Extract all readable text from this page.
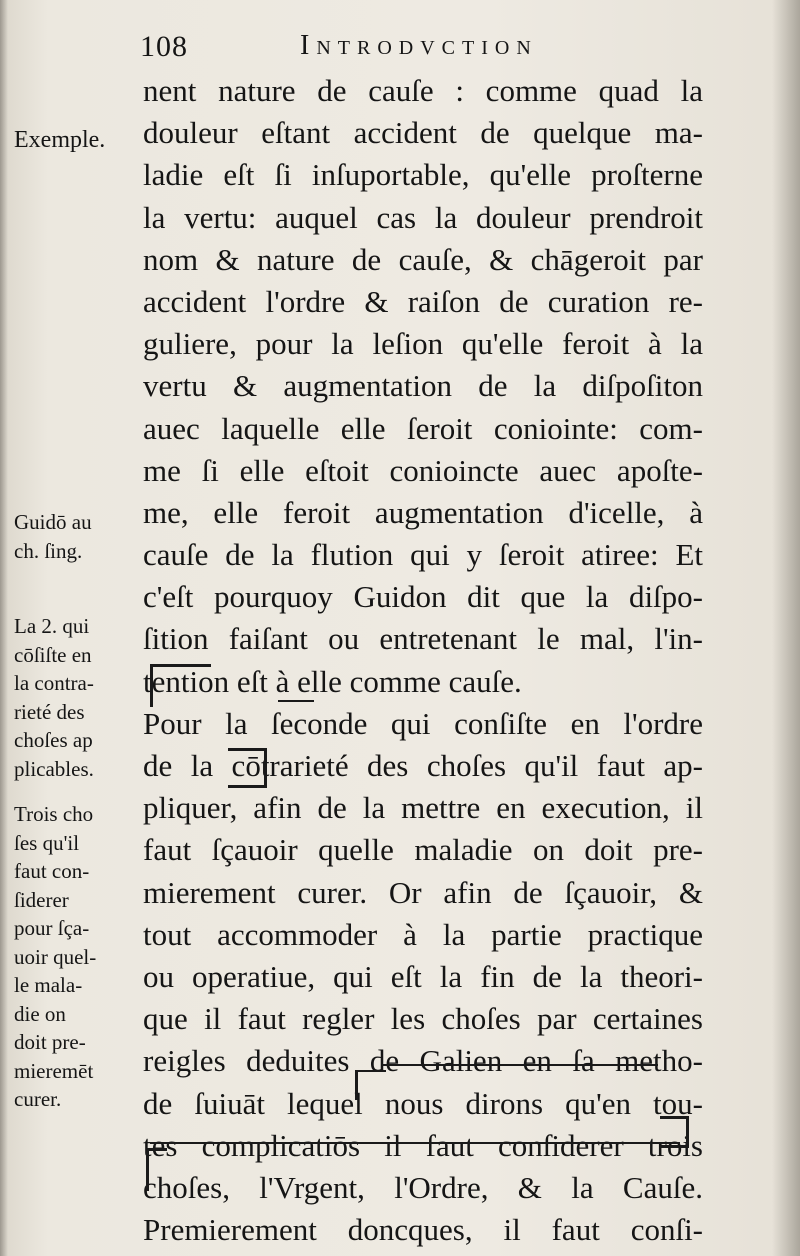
108	Introdvction
nent nature de cauſe : comme quad la
douleur eſtant accident de quelque ma-
ladie eſt ſi inſuportable, qu'elle proſterne
la vertu: auquel cas la douleur prendroit
nom & nature de cauſe, & chāgeroit par
accident l'ordre & raiſon de curation re-
guliere, pour la leſion qu'elle feroit à la
vertu & augmentation de la diſpoſiton
auec laquelle elle ſeroit coniointe: com-
me ſi elle eſtoit conioincte auec apoſte-
me, elle feroit augmentation d'icelle, à
cauſe de la flution qui y ſeroit atiree: Et
c'eſt pourquoy Guidon dit que la diſpo-
ſition faiſant ou entretenant le mal, l'in-
tention eſt à elle comme cauſe.
Pour la ſeconde qui conſiſte en l'ordre
de la cōtrarieté des choſes qu'il faut ap-
pliquer, afin de la mettre en execution, il
faut ſçauoir quelle maladie on doit pre-
mierement curer. Or afin de ſçauoir, &
tout accommoder à la partie practique
ou operatiue, qui eſt la fin de la theori-
que il faut regler les choſes par certaines
reigles deduites de Galien en ſa metho-
de ſuiuāt lequel nous dirons qu'en tou-
tes complicatiōs il faut conſiderer trois
choſes, l'Vrgent, l'Ordre, & la Cauſe.
Premierement doncques, il faut conſi-
Exemple.
Guidō au
ch. ſing.
La 2. qui
cōſiſte en
la contra-
rieté des
choſes ap
plicables.
Trois cho
ſes qu'il
faut con-
ſiderer
pour ſça-
uoir quel-
le mala-
die on
doit pre-
mieremēt
curer.
